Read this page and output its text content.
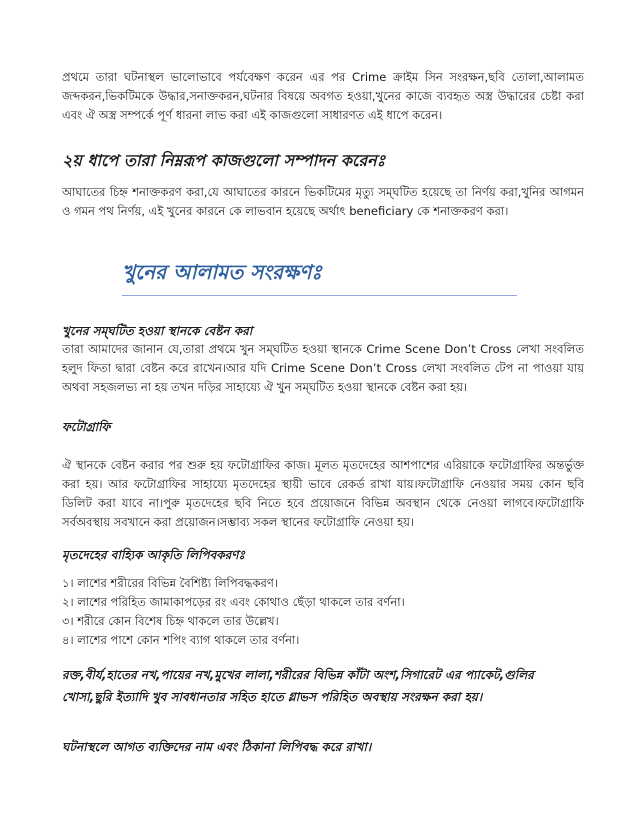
প্রথমে তারা ঘটনাস্থল ভালোভাবে পর্যবেক্ষণ করেন এর পর Crime ক্রাইম সিন সংরক্ষন,ছবি তোলা,আলামত জব্দকরন,ভিকটিমকে উদ্ধার,সনাক্তকরন,ঘটনার বিষয়ে অবগত হওয়া,খুনের কাজে ব্যবহৃত অস্ত্র উদ্ধারের চেষ্টা করা এবং ঐ অস্ত্র সম্পর্কে পূর্ণ ধারনা লাভ করা এই কাজগুলো সাধারণত এই ধাপে করেন।

২য় ধাপে তারা নিম্নরূপ কাজগুলো সম্পাদন করেনঃ

আঘাতের চিহ্ন শনাক্তকরণ করা,যে আঘাতের কারনে ভিকটিমের মৃত্যু সম্ঘটিত হয়েছে তা নির্ণয় করা,খুনির আগমন ও গমন পথ নির্ণয়, এই খুনের কারনে কে লাভবান হয়েছে অর্থাৎ beneficiary কে শনাক্তকরণ করা।

খুনের আলামত সংরক্ষণঃ

খুনের সম্ঘটিত হওয়া স্থানকে বেষ্টন করা

তারা আমাদের জানান যে,তারা প্রথমে খুন সম্ঘটিত হওয়া স্থানকে Crime Scene Don’t Cross লেখা সংবলিত হলুদ ফিতা দ্বারা বেষ্টন করে রাখেন।আর যদি Crime Scene Don’t Cross লেখা সংবলিত টেপ না পাওয়া যায় অথবা সহজলভ্য না হয় তখন দড়ির সাহায্যে ঐ খুন সম্ঘটিত হওয়া স্থানকে বেষ্টন করা হয়।

ফটোগ্রাফি

ঐ স্থানকে বেষ্টন করার পর শুরু হয় ফটোগ্রাফির কাজ। মূলত মৃতদেহের আশপাশের এরিয়াকে ফটোগ্রাফির অন্তর্ভুক্ত করা হয়। আর ফটোগ্রাফির সাহায্যে মৃতদেহের স্থায়ী ভাবে রেকর্ড রাখা যায়।ফটোগ্রাফি নেওয়ার সময় কোন ছবি ডিলিট করা যাবে না।পুরু মৃতদেহের ছবি নিতে হবে প্রয়োজনে বিভিন্ন অবস্থান থেকে নেওয়া লাগবে।ফটোগ্রাফি সর্বঅবস্থায় সবখানে করা প্রয়োজন।সম্ভাব্য সকল স্থানের ফটোগ্রাফি নেওয়া হয়।

মৃতদেহের বাহ্যিক আকৃতি লিপিবকরণঃ

১। লাশের শরীরের বিভিন্ন বৈশিষ্ট্য লিপিবদ্ধকরণ।
২। লাশের পরিহিত জামাকাপড়ের রং এবং কোথাও ছেঁড়া থাকলে তার বর্ণনা।
৩। শরীরে কোন বিশেষ চিহ্ন থাকলে তার উল্লেখ।
৪। লাশের পাশে কোন শপিং ব্যাগ থাকলে তার বর্ণনা।

রক্ত,বীর্য,হাতের নখ,পায়ের নখ,মুখের লালা,শরীরের বিভিন্ন কাঁটা অংশ,সিগারেট এর প্যাকেট,গুলির খোসা,ছুরি ইত্যাদি খুব সাবধানতার সহিত হাতে গ্লাভস পরিহিত অবস্থায় সংরক্ষন করা হয়।

ঘটনাস্থলে আগত ব্যক্তিদের নাম এবং ঠিকানা লিপিবদ্ধ করে রাখা।
